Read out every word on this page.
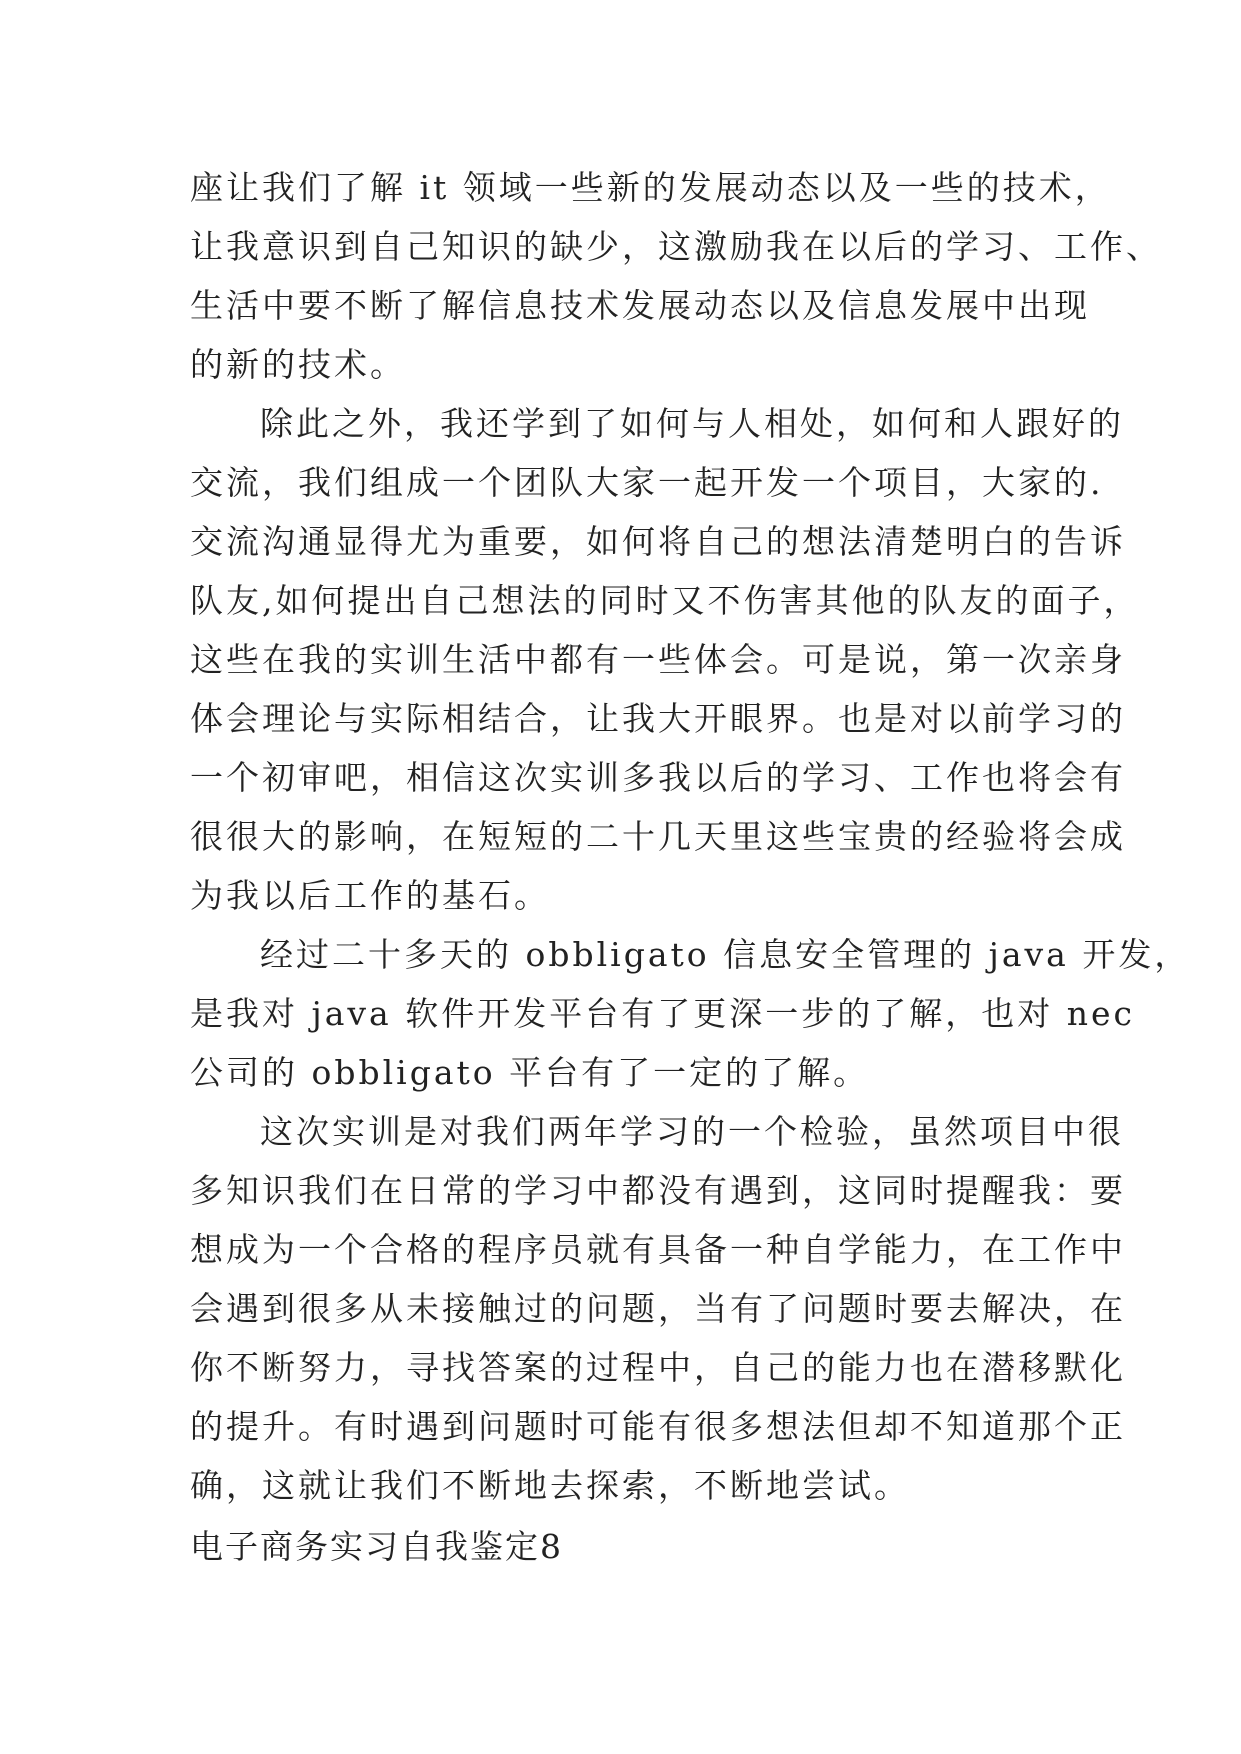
座让我们了解 it 领域一些新的发展动态以及一些的技术，
让我意识到自己知识的缺少，这激励我在以后的学习、工作、
生活中要不断了解信息技术发展动态以及信息发展中出现
的新的技术。
除此之外，我还学到了如何与人相处，如何和人跟好的
交流，我们组成一个团队大家一起开发一个项目，大家的.
交流沟通显得尤为重要，如何将自己的想法清楚明白的告诉
队友,如何提出自己想法的同时又不伤害其他的队友的面子，
这些在我的实训生活中都有一些体会。可是说，第一次亲身
体会理论与实际相结合，让我大开眼界。也是对以前学习的
一个初审吧，相信这次实训多我以后的学习、工作也将会有
很很大的影响，在短短的二十几天里这些宝贵的经验将会成
为我以后工作的基石。
经过二十多天的 obbligato 信息安全管理的 java 开发，
是我对 java 软件开发平台有了更深一步的了解，也对 nec
公司的 obbligato 平台有了一定的了解。
这次实训是对我们两年学习的一个检验，虽然项目中很
多知识我们在日常的学习中都没有遇到，这同时提醒我：要
想成为一个合格的程序员就有具备一种自学能力，在工作中
会遇到很多从未接触过的问题，当有了问题时要去解决，在
你不断努力，寻找答案的过程中，自己的能力也在潜移默化
的提升。有时遇到问题时可能有很多想法但却不知道那个正
确，这就让我们不断地去探索，不断地尝试。
电子商务实习自我鉴定8
